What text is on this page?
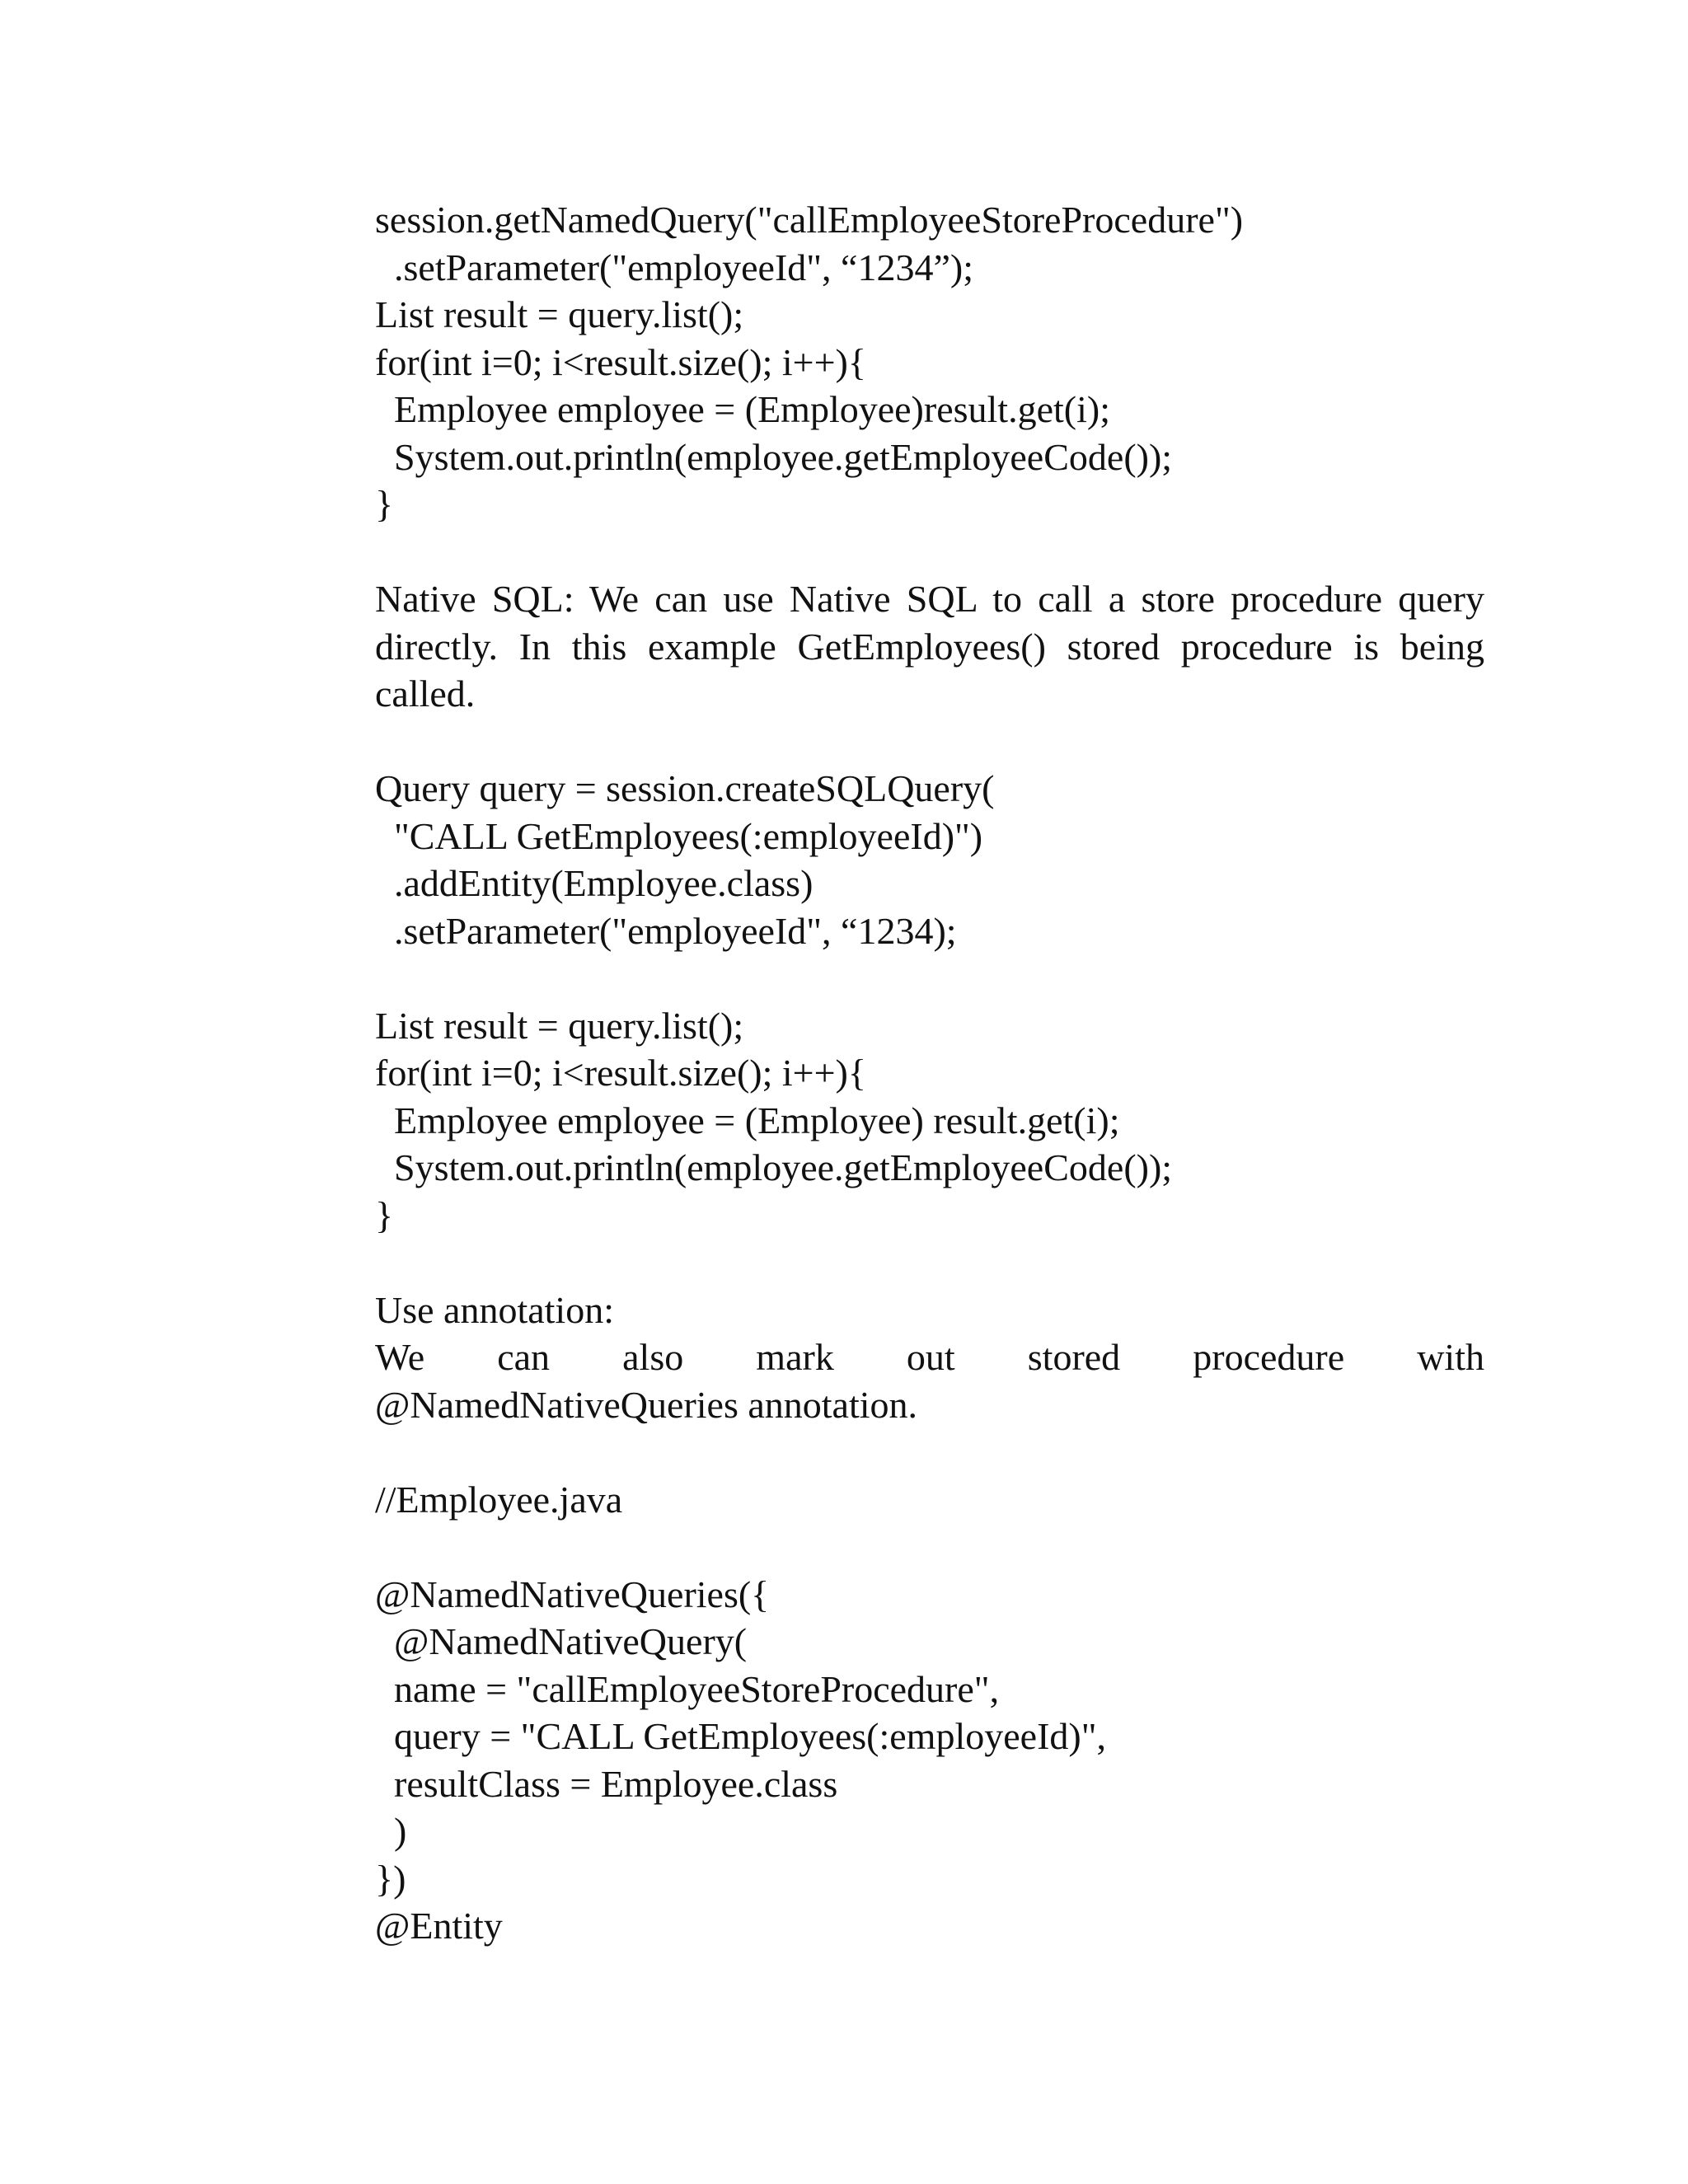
session.getNamedQuery("callEmployeeStoreProcedure")
.setParameter("employeeId", “1234”);
List result = query.list();
for(int i=0; i<result.size(); i++){
Employee employee = (Employee)result.get(i);
System.out.println(employee.getEmployeeCode());
}

Native SQL: We can use Native SQL to call a store procedure query directly. In this example GetEmployees() stored procedure is being called.

Query query = session.createSQLQuery(
"CALL GetEmployees(:employeeId)")
.addEntity(Employee.class)
.setParameter("employeeId", “1234);
List result = query.list();
for(int i=0; i<result.size(); i++){
Employee employee = (Employee) result.get(i);
System.out.println(employee.getEmployeeCode());
}
Use annotation:
We can also mark out stored procedure with
@NamedNativeQueries annotation.
//Employee.java
@NamedNativeQueries({
@NamedNativeQuery(
name = "callEmployeeStoreProcedure",
query = "CALL GetEmployees(:employeeId)",
resultClass = Employee.class
)
})
@Entity
